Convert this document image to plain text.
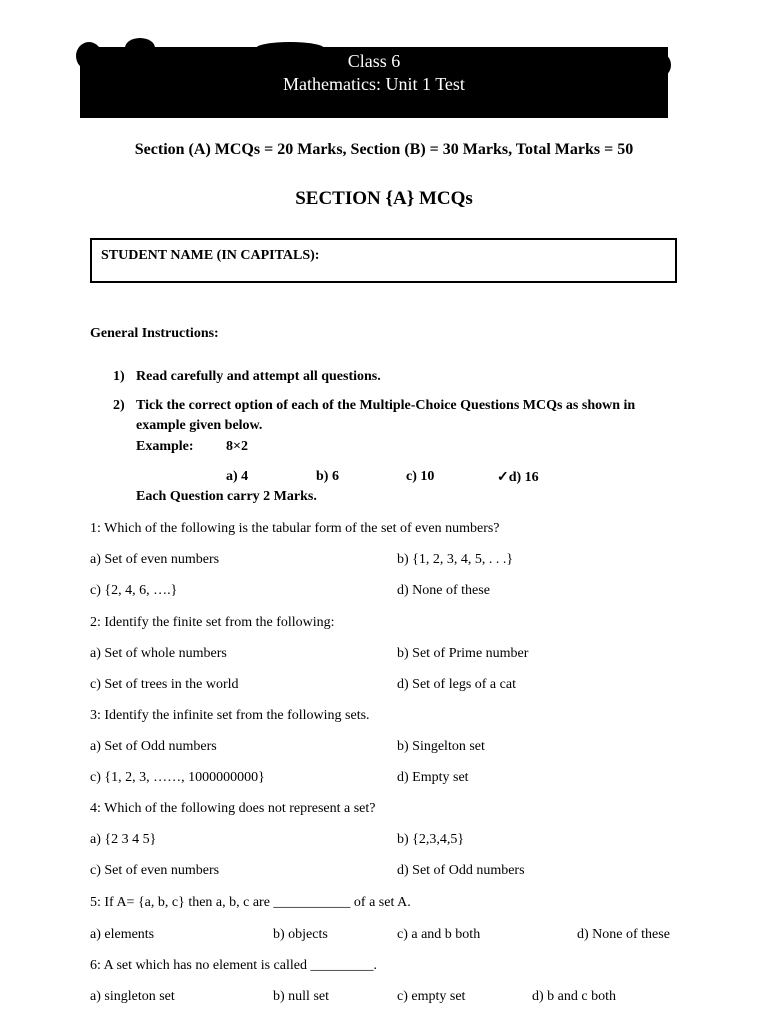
Class 6
Mathematics: Unit 1 Test
Section (A) MCQs = 20 Marks, Section (B) = 30 Marks, Total Marks = 50
SECTION {A} MCQs
STUDENT NAME (IN CAPITALS):
General Instructions:
1) Read carefully and attempt all questions.
2) Tick the correct option of each of the Multiple-Choice Questions MCQs as shown in
example given below.
Example: 8×2
a) 4	b) 6	c) 10	✓d) 16
Each Question carry 2 Marks.
1: Which of the following is the tabular form of the set of even numbers?
a) Set of even numbers	b) {1, 2, 3, 4, 5, . . .}
c) {2, 4, 6, ….}	d) None of these
2: Identify the finite set from the following:
a) Set of whole numbers	b) Set of Prime number
c) Set of trees in the world	d) Set of legs of a cat
3: Identify the infinite set from the following sets.
a) Set of Odd numbers	b) Singelton set
c) {1, 2, 3, ……, 1000000000}	d) Empty set
4: Which of the following does not represent a set?
a) {2 3 4 5}	b) {2,3,4,5}
c) Set of even numbers	d) Set of Odd numbers
5: If A= {a, b, c} then a, b, c are ___________ of a set A.
a) elements	b) objects	c) a and b both	d) None of these
6: A set which has no element is called _________.
a) singleton set	b) null set	c) empty set	d) b and c both
